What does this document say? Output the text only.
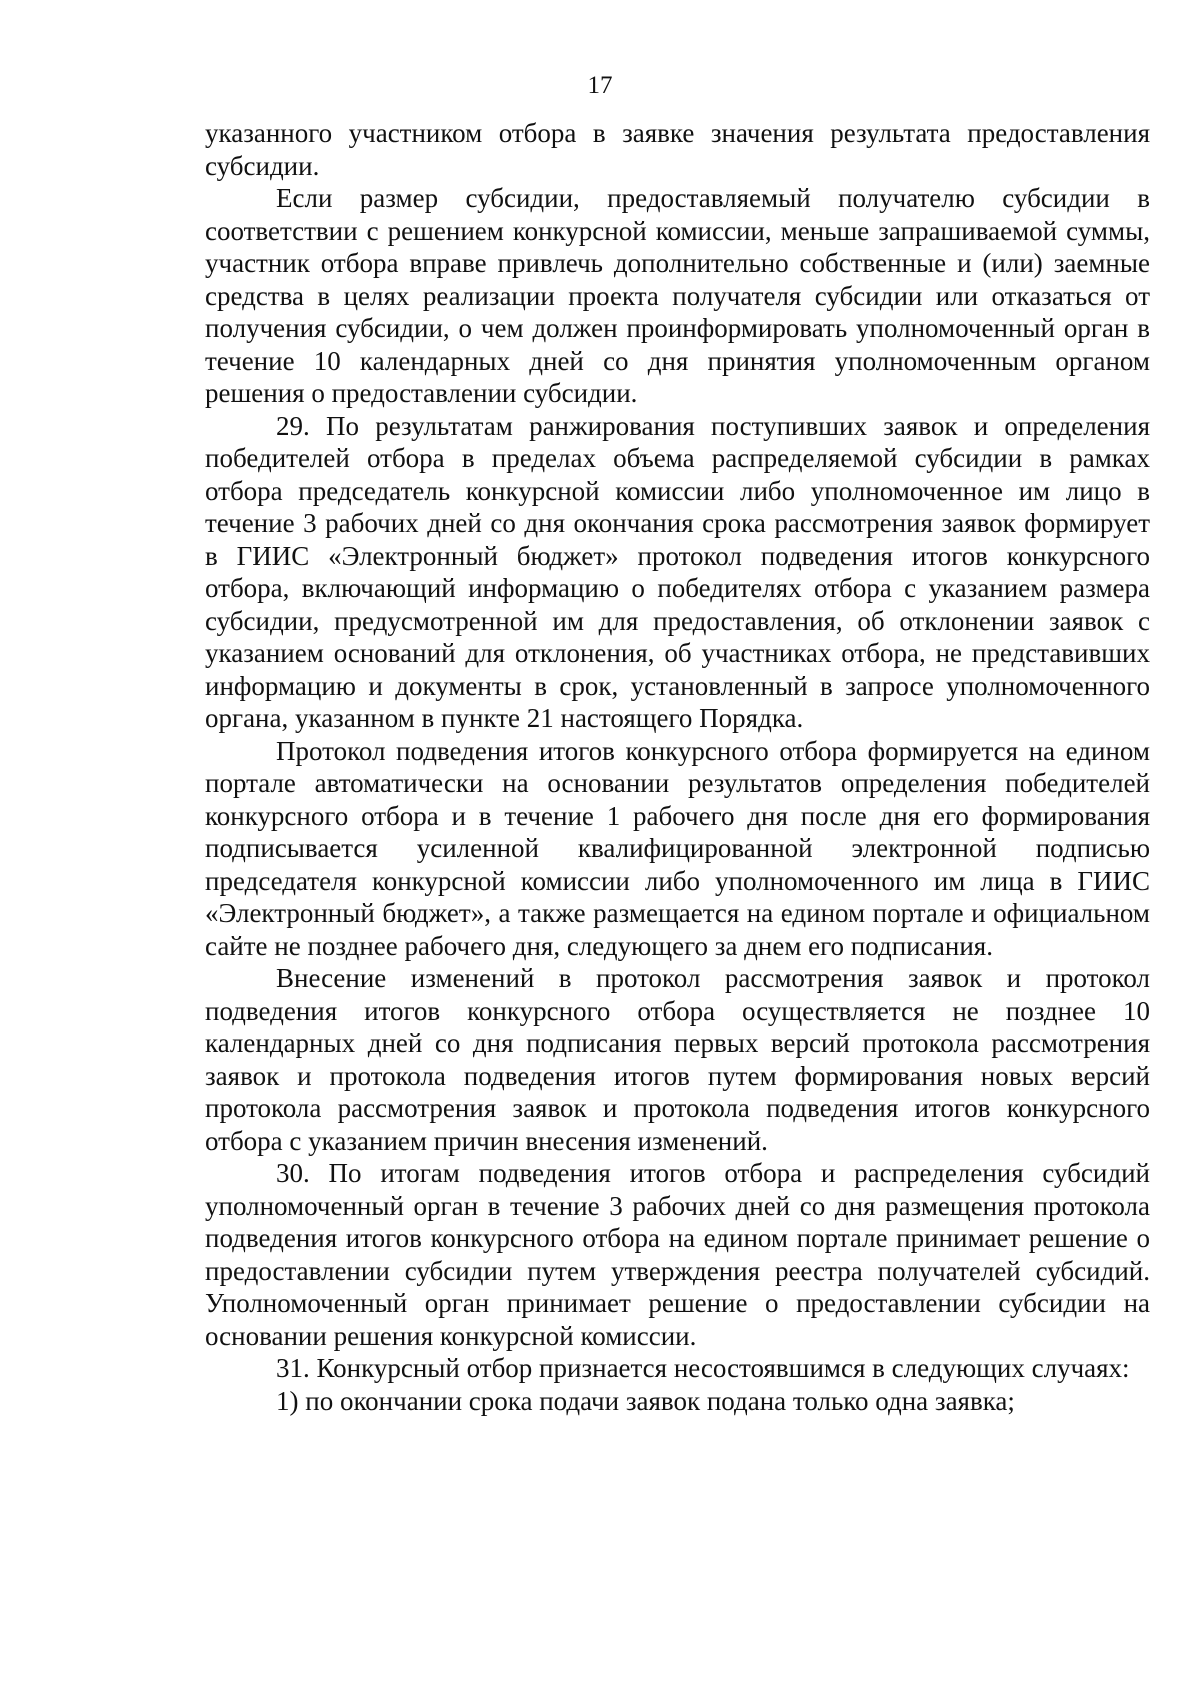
17

указанного участником отбора в заявке значения результата предоставления субсидии.

Если размер субсидии, предоставляемый получателю субсидии в соответствии с решением конкурсной комиссии, меньше запрашиваемой суммы, участник отбора вправе привлечь дополнительно собственные и (или) заемные средства в целях реализации проекта получателя субсидии или отказаться от получения субсидии, о чем должен проинформировать уполномоченный орган в течение 10 календарных дней со дня принятия уполномоченным органом решения о предоставлении субсидии.

29. По результатам ранжирования поступивших заявок и определения победителей отбора в пределах объема распределяемой субсидии в рамках отбора председатель конкурсной комиссии либо уполномоченное им лицо в течение 3 рабочих дней со дня окончания срока рассмотрения заявок формирует в ГИИС «Электронный бюджет» протокол подведения итогов конкурсного отбора, включающий информацию о победителях отбора с указанием размера субсидии, предусмотренной им для предоставления, об отклонении заявок с указанием оснований для отклонения, об участниках отбора, не представивших информацию и документы в срок, установленный в запросе уполномоченного органа, указанном в пункте 21 настоящего Порядка.

Протокол подведения итогов конкурсного отбора формируется на едином портале автоматически на основании результатов определения победителей конкурсного отбора и в течение 1 рабочего дня после дня его формирования подписывается усиленной квалифицированной электронной подписью председателя конкурсной комиссии либо уполномоченного им лица в ГИИС «Электронный бюджет», а также размещается на едином портале и официальном сайте не позднее рабочего дня, следующего за днем его подписания.

Внесение изменений в протокол рассмотрения заявок и протокол подведения итогов конкурсного отбора осуществляется не позднее 10 календарных дней со дня подписания первых версий протокола рассмотрения заявок и протокола подведения итогов путем формирования новых версий протокола рассмотрения заявок и протокола подведения итогов конкурсного отбора с указанием причин внесения изменений.

30. По итогам подведения итогов отбора и распределения субсидий уполномоченный орган в течение 3 рабочих дней со дня размещения протокола подведения итогов конкурсного отбора на едином портале принимает решение о предоставлении субсидии путем утверждения реестра получателей субсидий. Уполномоченный орган принимает решение о предоставлении субсидии на основании решения конкурсной комиссии.

31. Конкурсный отбор признается несостоявшимся в следующих случаях:

1) по окончании срока подачи заявок подана только одна заявка;
